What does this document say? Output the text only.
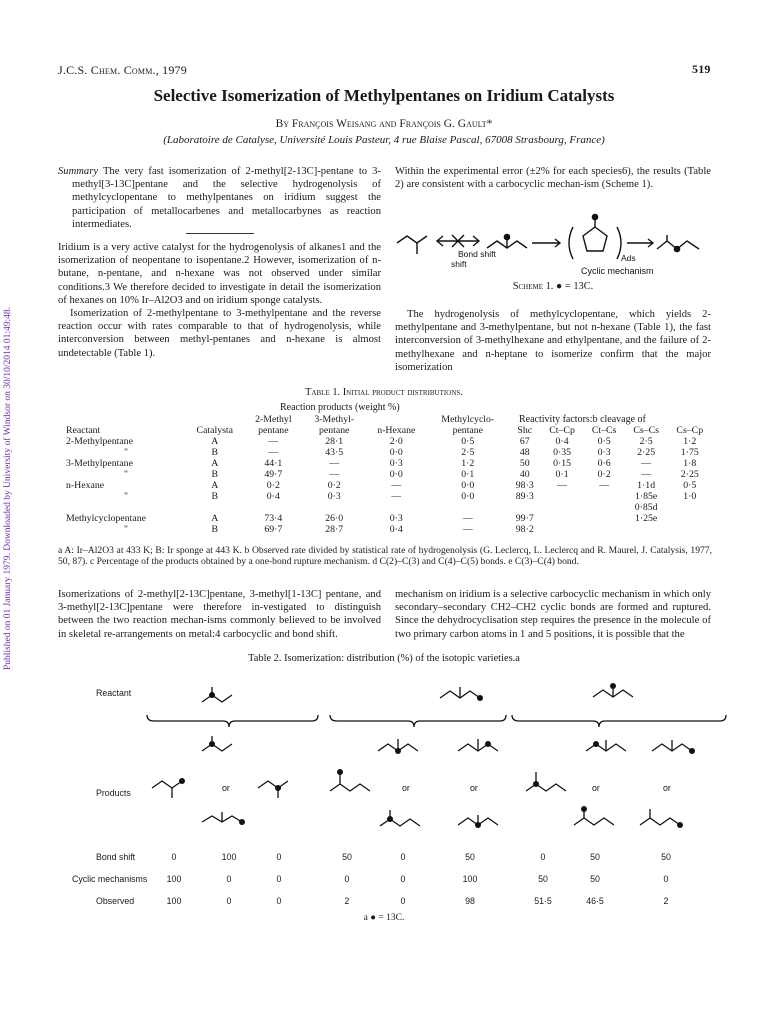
Published on 01 January 1979. Downloaded by University of Windsor on 30/10/2014 01:49:48.
J.C.S. Chem. Comm., 1979	519
Selective Isomerization of Methylpentanes on Iridium Catalysts
By François Weisang and François G. Gault*
(Laboratoire de Catalyse, Université Louis Pasteur, 4 rue Blaise Pascal, 67008 Strasbourg, France)

Summary The very fast isomerization of 2-methyl[2-13C]-pentane to 3-methyl[3-13C]pentane and the selective hydrogenolysis of methylcyclopentane to methylpentanes on iridium suggest the participation of metallocarbenes and metallocarbynes as reaction intermediates.

Iridium is a very active catalyst for the hydrogenolysis of alkanes1 and the isomerization of neopentane to isopentane.2 However, isomerization of n-butane, n-pentane, and n-hexane was not observed under similar conditions.3 We therefore decided to investigate in detail the isomerization of hexanes on 10% Ir–Al2O3 and on iridium sponge catalysts.

Isomerization of 2-methylpentane to 3-methylpentane and the reverse reaction occur with rates comparable to that of hydrogenolysis, while interconversion between methyl-pentanes and n-hexane is almost undetectable (Table 1).

Within the experimental error (±2% for each species6), the results (Table 2) are consistent with a carbocyclic mechan-ism (Scheme 1).

Bond shift
shift
Ads
Cyclic mechanism
Scheme 1. ● = 13C.

The hydrogenolysis of methylcyclopentane, which yields 2-methylpentane and 3-methylpentane, but not n-hexane (Table 1), the fast interconversion of 3-methylhexane and ethylpentane, and the failure of 2-methylhexane and n-heptane to isomerize confirm that the major isomerization

Table 1. Initial product distributions.
Reaction products (weight %)
Reactivity factors:b cleavage of
		2-Methyl	3-Methyl-		Methylcyclo-					
Reactant	Catalysta	pentane	pentane	n-Hexane	pentane	Shc	Ct–Cp	Ct–Cs	Cs–Cs	Cs–Cp
2-Methylpentane	A	—	28·1	2·0	0·5	67	0·4	0·5	2·5	1·2
"	B	—	43·5	0·0	2·5	48	0·35	0·3	2·25	1·75
3-Methylpentane	A	44·1	—	0·3	1·2	50	0·15	0·6	—	1·8
"	B	49·7	—	0·0	0·1	40	0·1	0·2	—	2·25
n-Hexane	A	0·2	0·2	—	0·0	98·3	—	—	1·1d	0·5
"	B	0·4	0·3	—	0·0	89·3			1·85e	1·0
									0·85d	
Methylcyclopentane	A	73·4	26·0	0·3	—	99·7			1·25e	
"	B	69·7	28·7	0·4	—	98·2				
a A: Ir–Al2O3 at 433 K; B: Ir sponge at 443 K. b Observed rate divided by statistical rate of hydrogenolysis (G. Leclercq, L. Leclercq and R. Maurel, J. Catalysis, 1977, 50, 87). c Percentage of the products obtained by a one-bond rupture mechanism. d C(2)–C(3) and C(4)–C(5) bonds. e C(3)–C(4) bond.
Isomerizations of 2-methyl[2-13C]pentane, 3-methyl[1-13C] pentane, and 3-methyl[2-13C]pentane were therefore in-vestigated to distinguish between the two reaction mechan-isms commonly believed to be involved in skeletal re-arrangements on metal:4 carbocyclic and bond shift.
mechanism on iridium is a selective carbocyclic mechanism in which only secondary–secondary CH2–CH2 cyclic bonds are formed and ruptured. Since the dehydrocyclisation step requires the presence in the molecule of two primary carbon atoms in 1 and 5 positions, it is possible that the
Table 2. Isomerization: distribution (%) of the isotopic varieties.a
Reactant
Products	or	or	or	or	or
Bond shift	0	100	0	50	0	50	0	50	50
Cyclic mechanisms	100	0	0	0	0	100	50	50	0
Observed	100	0	0	2	0	98	51·5	46·5	2
a ● = 13C.
